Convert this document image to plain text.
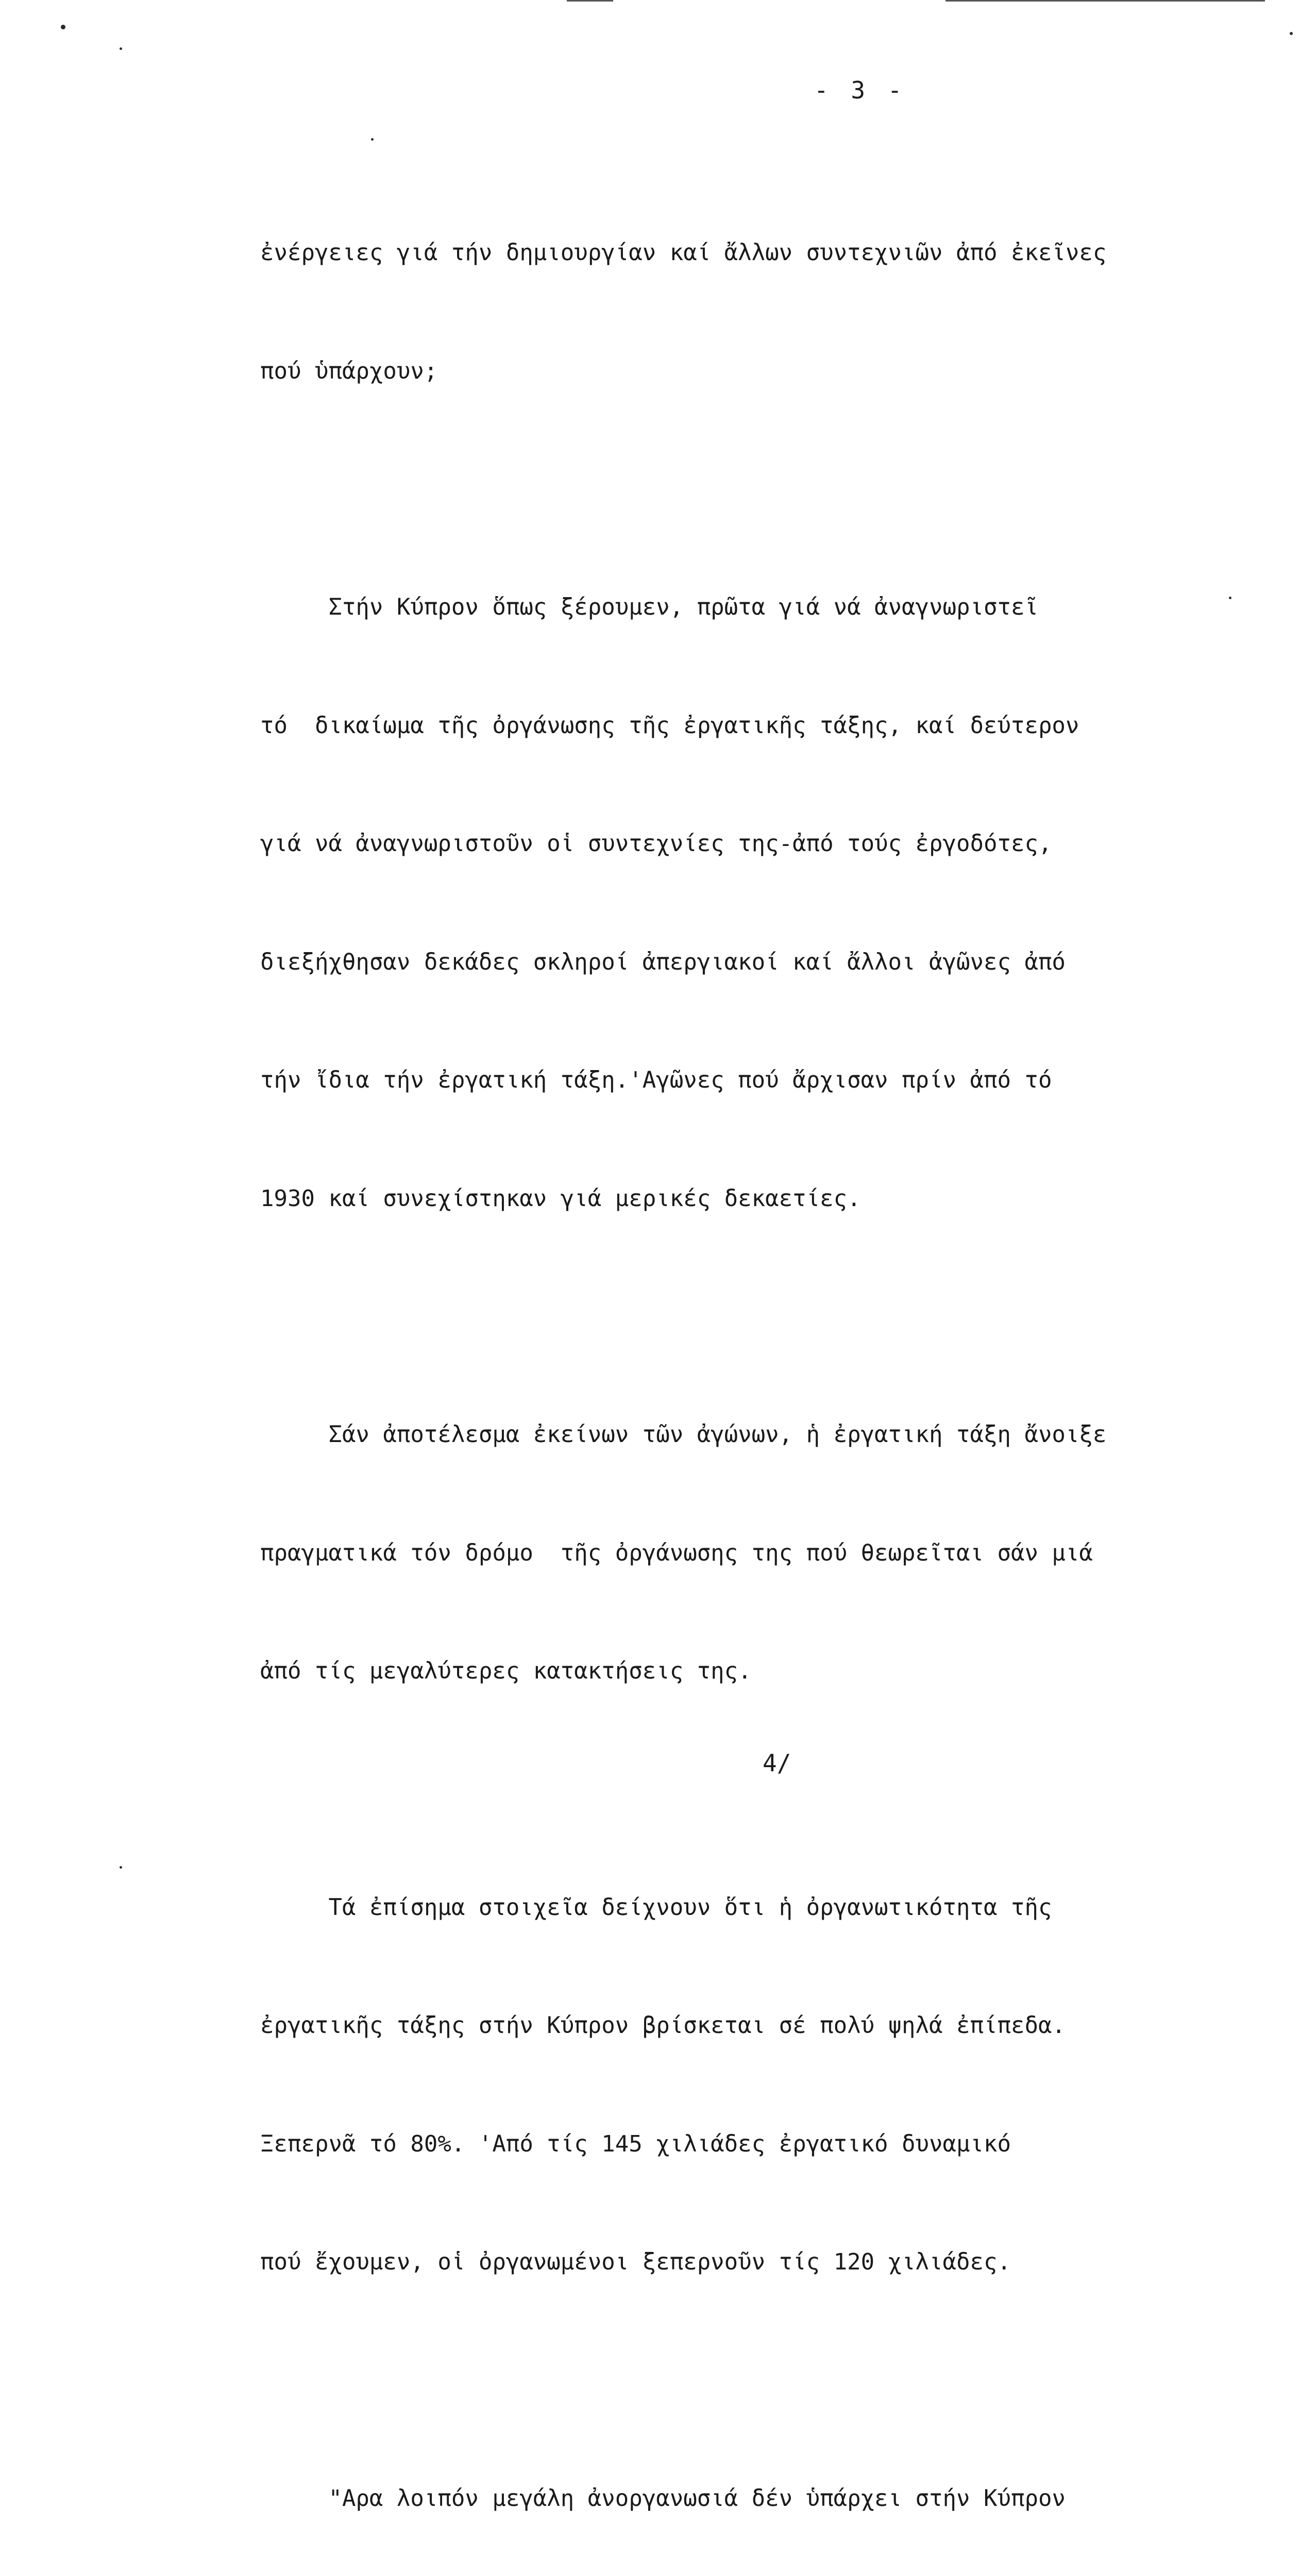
- 3 -

ἐνέργειες γιά τήν δημιουργίαν καί ἄλλων συντεχνιῶν ἀπό ἐκεῖνες

πού ὑπάρχουν;

Στήν Κύπρον ὅπως ξέρουμεν, πρῶτα γιά νά ἀναγνωριστεῖ

τό  δικαίωμα τῆς ὀργάνωσης τῆς ἐργατικῆς τάξης, καί δεύτερον

γιά νά ἀναγνωριστοῦν οἱ συντεχνίες της-ἀπό τούς ἐργοδότες,

διεξήχθησαν δεκάδες σκληροί ἀπεργιακοί καί ἄλλοι ἀγῶνες ἀπό

τήν ἴδια τήν ἐργατική τάξη.'Αγῶνες πού ἄρχισαν πρίν ἀπό τό

1930 καί συνεχίστηκαν γιά μερικές δεκαετίες.

Σάν ἀποτέλεσμα ἐκείνων τῶν ἀγώνων, ἡ ἐργατική τάξη ἄνοιξε

πραγματικά τόν δρόμο  τῆς ὀργάνωσης της πού θεωρεῖται σάν μιά

ἀπό τίς μεγαλύτερες κατακτήσεις της.

Τά ἐπίσημα στοιχεῖα δείχνουν ὅτι ἡ ὀργανωτικότητα τῆς

ἐργατικῆς τάξης στήν Κύπρον βρίσκεται σέ πολύ ψηλά ἐπίπεδα.

Ξεπερνᾶ τό 80%. 'Από τίς 145 χιλιάδες ἐργατικό δυναμικό

πού ἔχουμεν, οἱ ὀργανωμένοι ξεπερνοῦν τίς 120 χιλιάδες.

"Αρα λοιπόν μεγάλη ἀνοργανωσιά δέν ὑπάρχει στήν Κύπρον

4/
